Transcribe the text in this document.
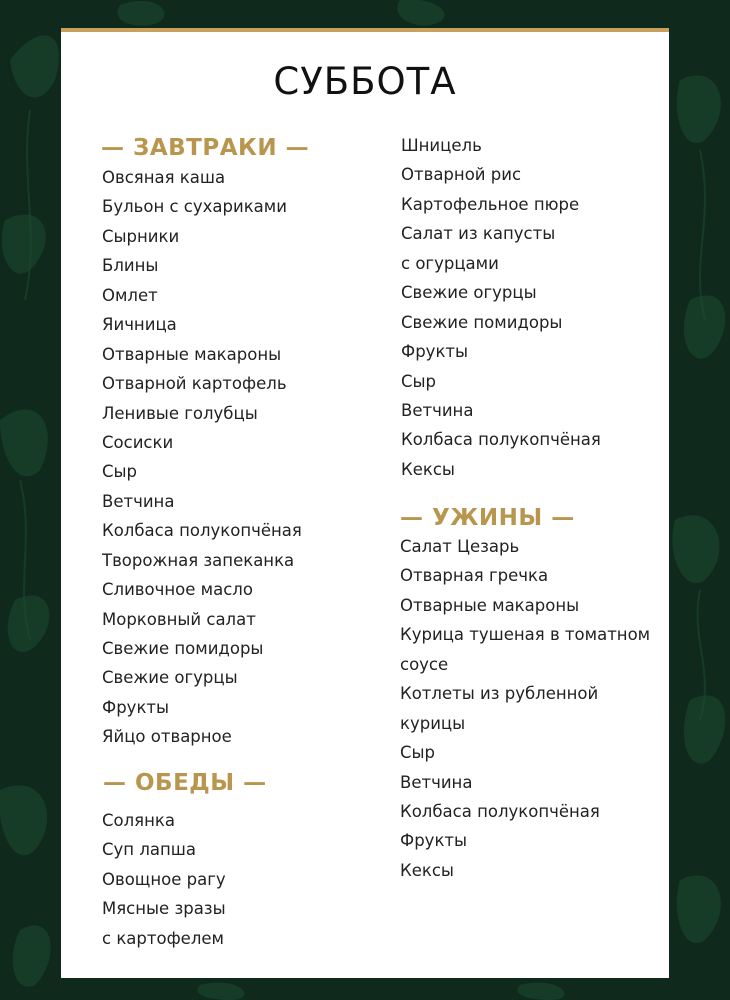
СУББОТА
— ЗАВТРАКИ —
Овсяная каша
Бульон с сухариками
Сырники
Блины
Омлет
Яичница
Отварные макароны
Отварной картофель
Ленивые голубцы
Сосиски
Сыр
Ветчина
Колбаса полукопчёная
Творожная запеканка
Сливочное масло
Морковный салат
Свежие помидоры
Свежие огурцы
Фрукты
Яйцо отварное
— ОБЕДЫ —
Солянка
Суп лапша
Овощное рагу
Мясные зразы
с картофелем
Шницель
Отварной рис
Картофельное пюре
Салат из капусты
с огурцами
Свежие огурцы
Свежие помидоры
Фрукты
Сыр
Ветчина
Колбаса полукопчёная
Кексы
— УЖИНЫ —
Салат Цезарь
Отварная гречка
Отварные макароны
Курица тушеная в томатном
соусе
Котлеты из рубленной
курицы
Сыр
Ветчина
Колбаса полукопчёная
Фрукты
Кексы
